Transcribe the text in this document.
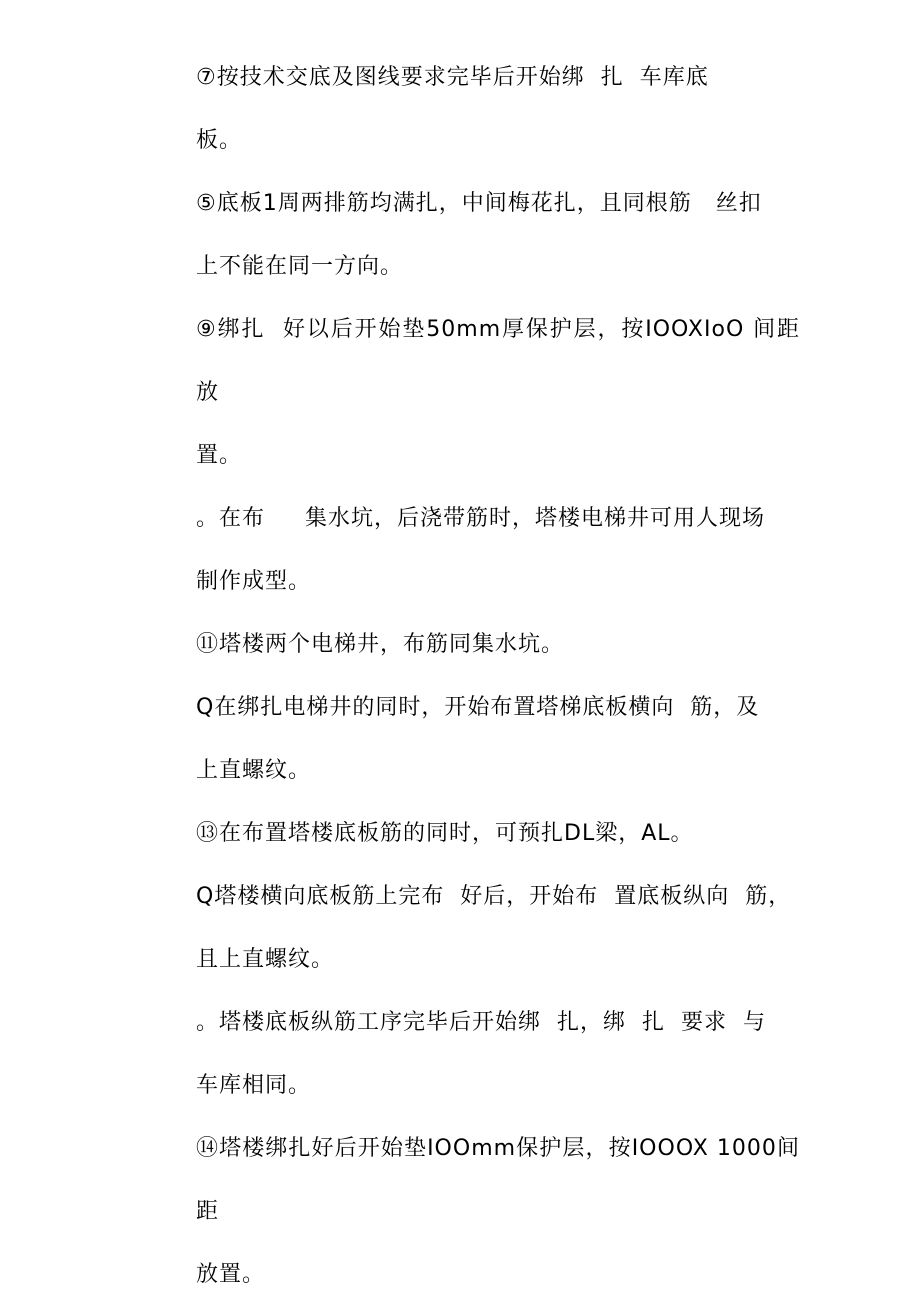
⑦按技术交底及图线要求完毕后开始绑  扎  车库底

板。

⑤底板1周两排筋均满扎，中间梅花扎，且同根筋   丝扣

上不能在同一方向。

⑨绑扎  好以后开始垫50mm厚保护层，按IOOXIoO 间距放

置。

。在布     集水坑，后浇带筋时，塔楼电梯井可用人现场

制作成型。

⑪塔楼两个电梯井，布筋同集水坑。

Q在绑扎电梯井的同时，开始布置塔梯底板横向  筋，及

上直螺纹。

⑬在布置塔楼底板筋的同时，可预扎DL梁，AL。

Q塔楼横向底板筋上完布  好后，开始布  置底板纵向  筋，

且上直螺纹。

。塔楼底板纵筋工序完毕后开始绑  扎，绑  扎  要求  与

车库相同。

⑭塔楼绑扎好后开始垫IOOmm保护层，按IOOOX 1000间距

放置。
